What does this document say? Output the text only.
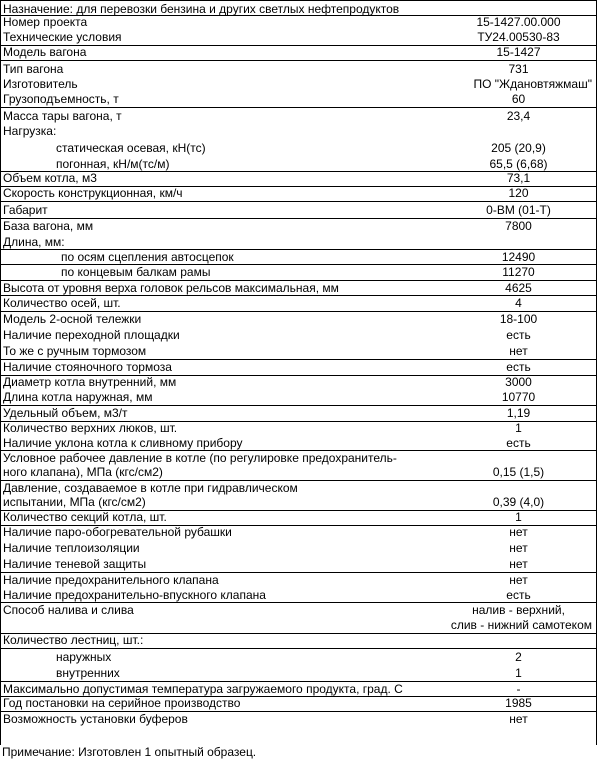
Назначение: для перевозки бензина и других светлых нефтепродуктов
Номер проекта	15-1427.00.000
Технические условия	ТУ24.00530-83
Модель вагона	15-1427
Тип вагона	731
Изготовитель	ПО "Ждановтяжмаш"
Грузоподъемность, т	60
Масса тары вагона, т	23,4
Нагрузка:
статическая осевая, кН(тс)	205 (20,9)
погонная, кН/м(тс/м)	65,5 (6,68)
Объем котла, м3	73,1
Скорость конструкционная, км/ч	120
Габарит	0-ВМ (01-Т)
База вагона, мм	7800
Длина, мм:
по осям сцепления автосцепок	12490
по концевым балкам рамы	11270
Высота от уровня верха головок рельсов максимальная, мм	4625
Количество осей, шт.	4
Модель 2-осной тележки	18-100
Наличие переходной площадки	есть
То же с ручным тормозом	нет
Наличие стояночного тормоза	есть
Диаметр котла внутренний, мм	3000
Длина котла наружная, мм	10770
Удельный объем, м3/т	1,19
Количество верхних люков, шт.	1
Наличие уклона котла к сливному прибору	есть
Условное рабочее давление в котле (по регулировке предохранитель-
ного клапана), МПа (кгс/см2)	0,15 (1,5)
Давление, создаваемое в котле при гидравлическом
испытании, МПа (кгс/см2)	0,39 (4,0)
Количество секций котла, шт.	1
Наличие паро-обогревательной рубашки	нет
Наличие теплоизоляции	нет
Наличие теневой защиты	нет
Наличие предохранительного клапана	нет
Наличие предохранительно-впускного клапана	есть
Способ налива и слива	налив - верхний,
слив - нижний самотеком
Количество лестниц, шт.:
наружных	2
внутренних	1
Максимально допустимая температура загружаемого продукта, град. С	-
Год постановки на серийное производство	1985
Возможность установки буферов	нет
Примечание: Изготовлен 1 опытный образец.
